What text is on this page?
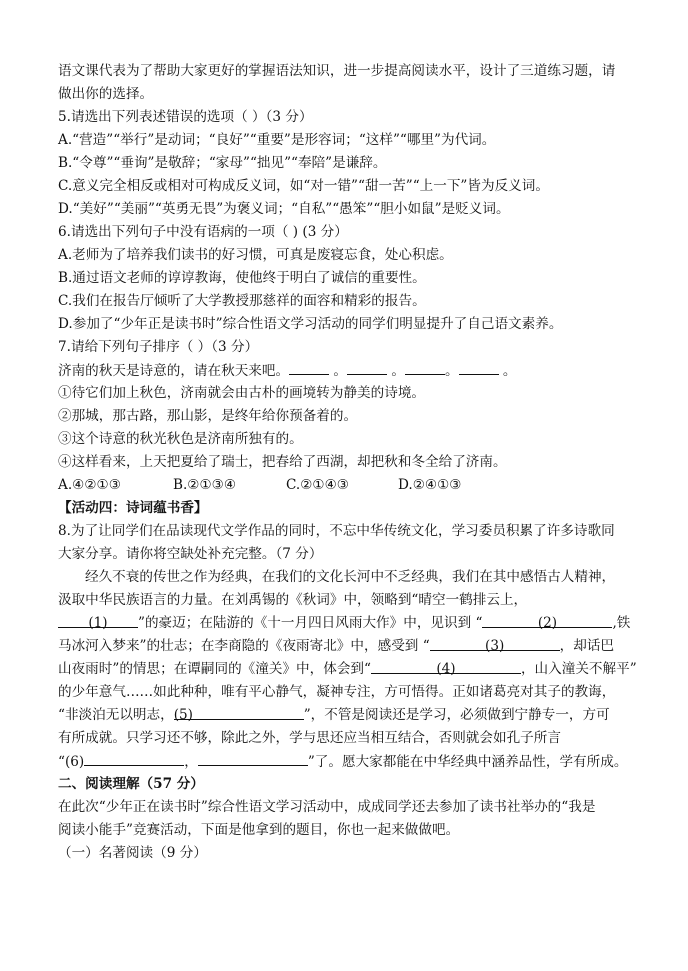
语文课代表为了帮助大家更好的掌握语法知识，进一步提高阅读水平，设计了三道练习题，请
做出你的选择。
5.请选出下列表述错误的选项（ ）（3 分）
A.“营造”“举行”是动词；“良好”“重要”是形容词；“这样”“哪里”为代词。
B.“令尊”“垂询”是敬辞；“家母”“拙见”“奉陪”是谦辞。
C.意义完全相反或相对可构成反义词，如“对一错”“甜一苦”“上一下”皆为反义词。
D.“美好”“美丽”“英勇无畏”为褒义词；“自私”“愚笨”“胆小如鼠”是贬义词。
6.请选出下列句子中没有语病的一项（ ) (3 分）
A.老师为了培养我们读书的好习惯，可真是废寝忘食，处心积虑。
B.通过语文老师的谆谆教诲，使他终于明白了诚信的重要性。
C.我们在报告厅倾听了大学教授那慈祥的面容和精彩的报告。
D.参加了“少年正是读书时”综合性语文学习活动的同学们明显提升了自己语文素养。
7.请给下列句子排序（ ）（3 分）
济南的秋天是诗意的，请在秋天来吧。	。	。	。	。
①待它们加上秋色，济南就会由古朴的画境转为静美的诗境。
②那城，那古路，那山影，是终年给你预备着的。
③这个诗意的秋光秋色是济南所独有的。
④这样看来，上天把夏给了瑞士，把春给了西湖，却把秋和冬全给了济南。
A.④②①③	B.②①③④	C.②①④③	D.②④①③
【活动四：诗词蕴书香】
8.为了让同学们在品读现代文学作品的同时，不忘中华传统文化，学习委员积累了许多诗歌同
大家分享。请你将空缺处补充完整。（7 分）
经久不衰的传世之作为经典，在我们的文化长河中不乏经典，我们在其中感悟古人精神，
汲取中华民族语言的力量。在刘禹锡的《秋词》中，领略到“晴空一鹤排云上，
(1) ”的豪迈；在陆游的《十一月四日风雨大作》中，见识到 “	(2)	,铁
马冰河入梦来”的壮志；在李商隐的《夜雨寄北》中，感受到 “	(3)	，却话巴
山夜雨时”的情思；在谭嗣同的《潼关》中，体会到“	(4)	，山入潼关不解平”
的少年意气……如此种种，唯有平心静气，凝神专注，方可悟得。正如诸葛亮对其子的教诲，
“非淡泊无以明志，(5)	”，不管是阅读还是学习，必须做到宁静专一，方可
有所成就。只学习还不够，除此之外，学与思还应当相互结合，否则就会如孔子所言
“(6)	，	”了。愿大家都能在中华经典中涵养品性，学有所成。
二、阅读理解（57 分）
在此次“少年正在读书时”综合性语文学习活动中，成成同学还去参加了读书社举办的“我是
阅读小能手”竞赛活动，下面是他拿到的题目，你也一起来做做吧。
（一）名著阅读（9 分）
